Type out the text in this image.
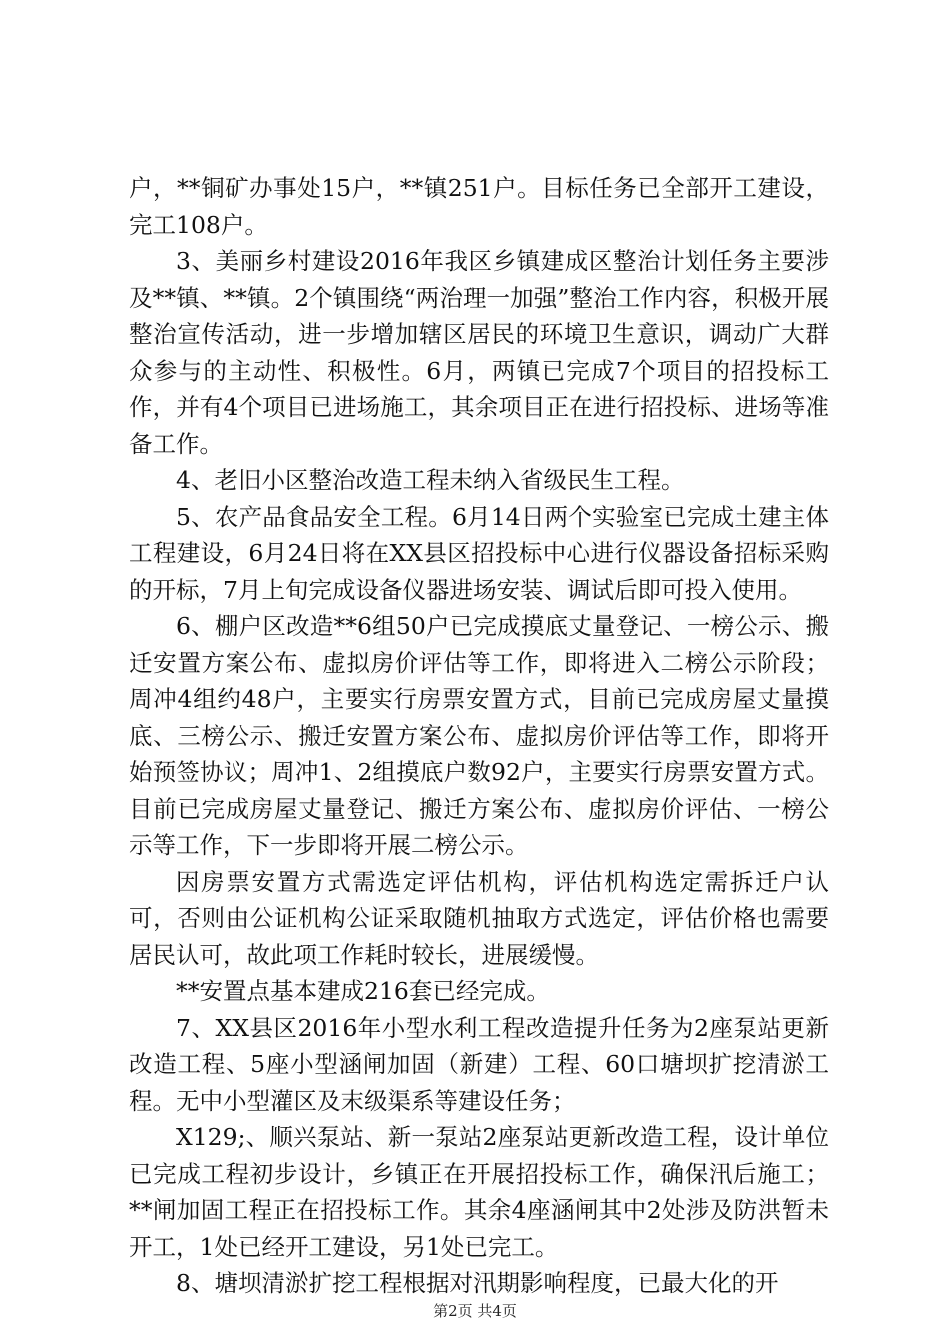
户，**铜矿办事处15户，**镇251户。目标任务已全部开工建设，完工108户。

3、美丽乡村建设2016年我区乡镇建成区整治计划任务主要涉及**镇、**镇。2个镇围绕“两治理一加强”整治工作内容，积极开展整治宣传活动，进一步增加辖区居民的环境卫生意识，调动广大群众参与的主动性、积极性。6月，两镇已完成7个项目的招投标工作，并有4个项目已进场施工，其余项目正在进行招投标、进场等准备工作。

4、老旧小区整治改造工程未纳入省级民生工程。

5、农产品食品安全工程。6月14日两个实验室已完成土建主体工程建设，6月24日将在XX县区招投标中心进行仪器设备招标采购的开标，7月上旬完成设备仪器进场安装、调试后即可投入使用。

6、棚户区改造**6组50户已完成摸底丈量登记、一榜公示、搬迁安置方案公布、虚拟房价评估等工作，即将进入二榜公示阶段；周冲4组约48户，主要实行房票安置方式，目前已完成房屋丈量摸底、三榜公示、搬迁安置方案公布、虚拟房价评估等工作，即将开始预签协议；周冲1、2组摸底户数92户，主要实行房票安置方式。目前已完成房屋丈量登记、搬迁方案公布、虚拟房价评估、一榜公示等工作，下一步即将开展二榜公示。

因房票安置方式需选定评估机构，评估机构选定需拆迁户认可，否则由公证机构公证采取随机抽取方式选定，评估价格也需要居民认可，故此项工作耗时较长，进展缓慢。

**安置点基本建成216套已经完成。

7、XX县区2016年小型水利工程改造提升任务为2座泵站更新改造工程、5座小型涵闸加固（新建）工程、60口塘坝扩挖清淤工程。无中小型灌区及末级渠系等建设任务；

X129;、顺兴泵站、新一泵站2座泵站更新改造工程，设计单位已完成工程初步设计，乡镇正在开展招投标工作，确保汛后施工；**闸加固工程正在招投标工作。其余4座涵闸其中2处涉及防洪暂未开工，1处已经开工建设，另1处已完工。

8、塘坝清淤扩挖工程根据对汛期影响程度，已最大化的开

第2页 共4页
